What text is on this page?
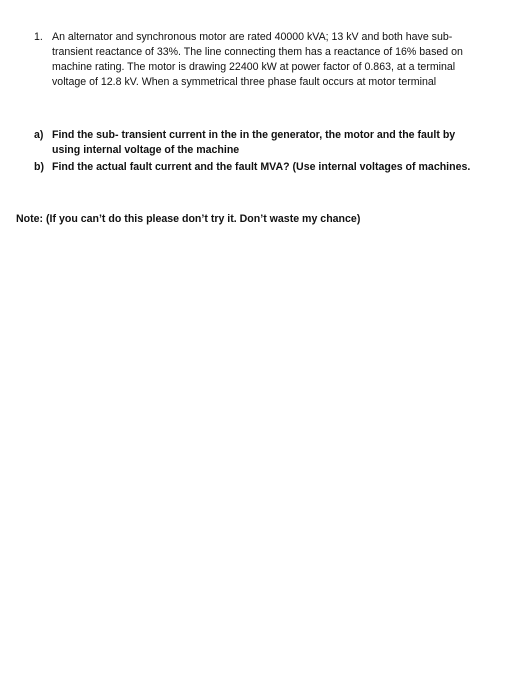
1. An alternator and synchronous motor are rated 40000 kVA; 13 kV and both have sub-
transient reactance of 33%. The line connecting them has a reactance of 16% based on
machine rating. The motor is drawing 22400 kW at power factor of 0.863, at a terminal
voltage of 12.8 kV. When a symmetrical three phase fault occurs at motor terminal
a) Find the sub- transient current in the in the generator, the motor and the fault by
using internal voltage of the machine
b) Find the actual fault current and the fault MVA? (Use internal voltages of machines.
Note: (If you can’t do this please don’t try it. Don’t waste my chance)
